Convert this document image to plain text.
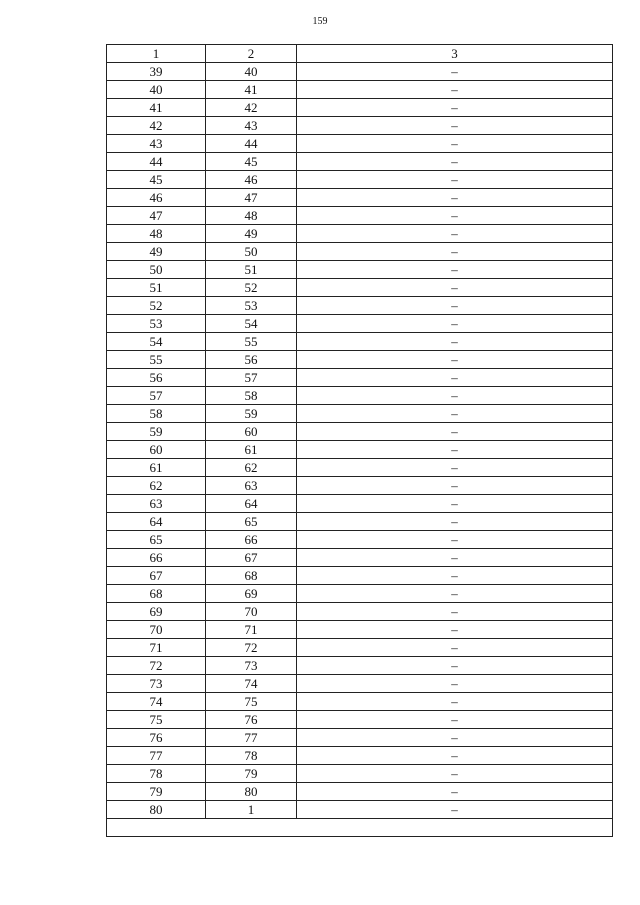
159
1	2	3
39	40	–
40	41	–
41	42	–
42	43	–
43	44	–
44	45	–
45	46	–
46	47	–
47	48	–
48	49	–
49	50	–
50	51	–
51	52	–
52	53	–
53	54	–
54	55	–
55	56	–
56	57	–
57	58	–
58	59	–
59	60	–
60	61	–
61	62	–
62	63	–
63	64	–
64	65	–
65	66	–
66	67	–
67	68	–
68	69	–
69	70	–
70	71	–
71	72	–
72	73	–
73	74	–
74	75	–
75	76	–
76	77	–
77	78	–
78	79	–
79	80	–
80	1	–
